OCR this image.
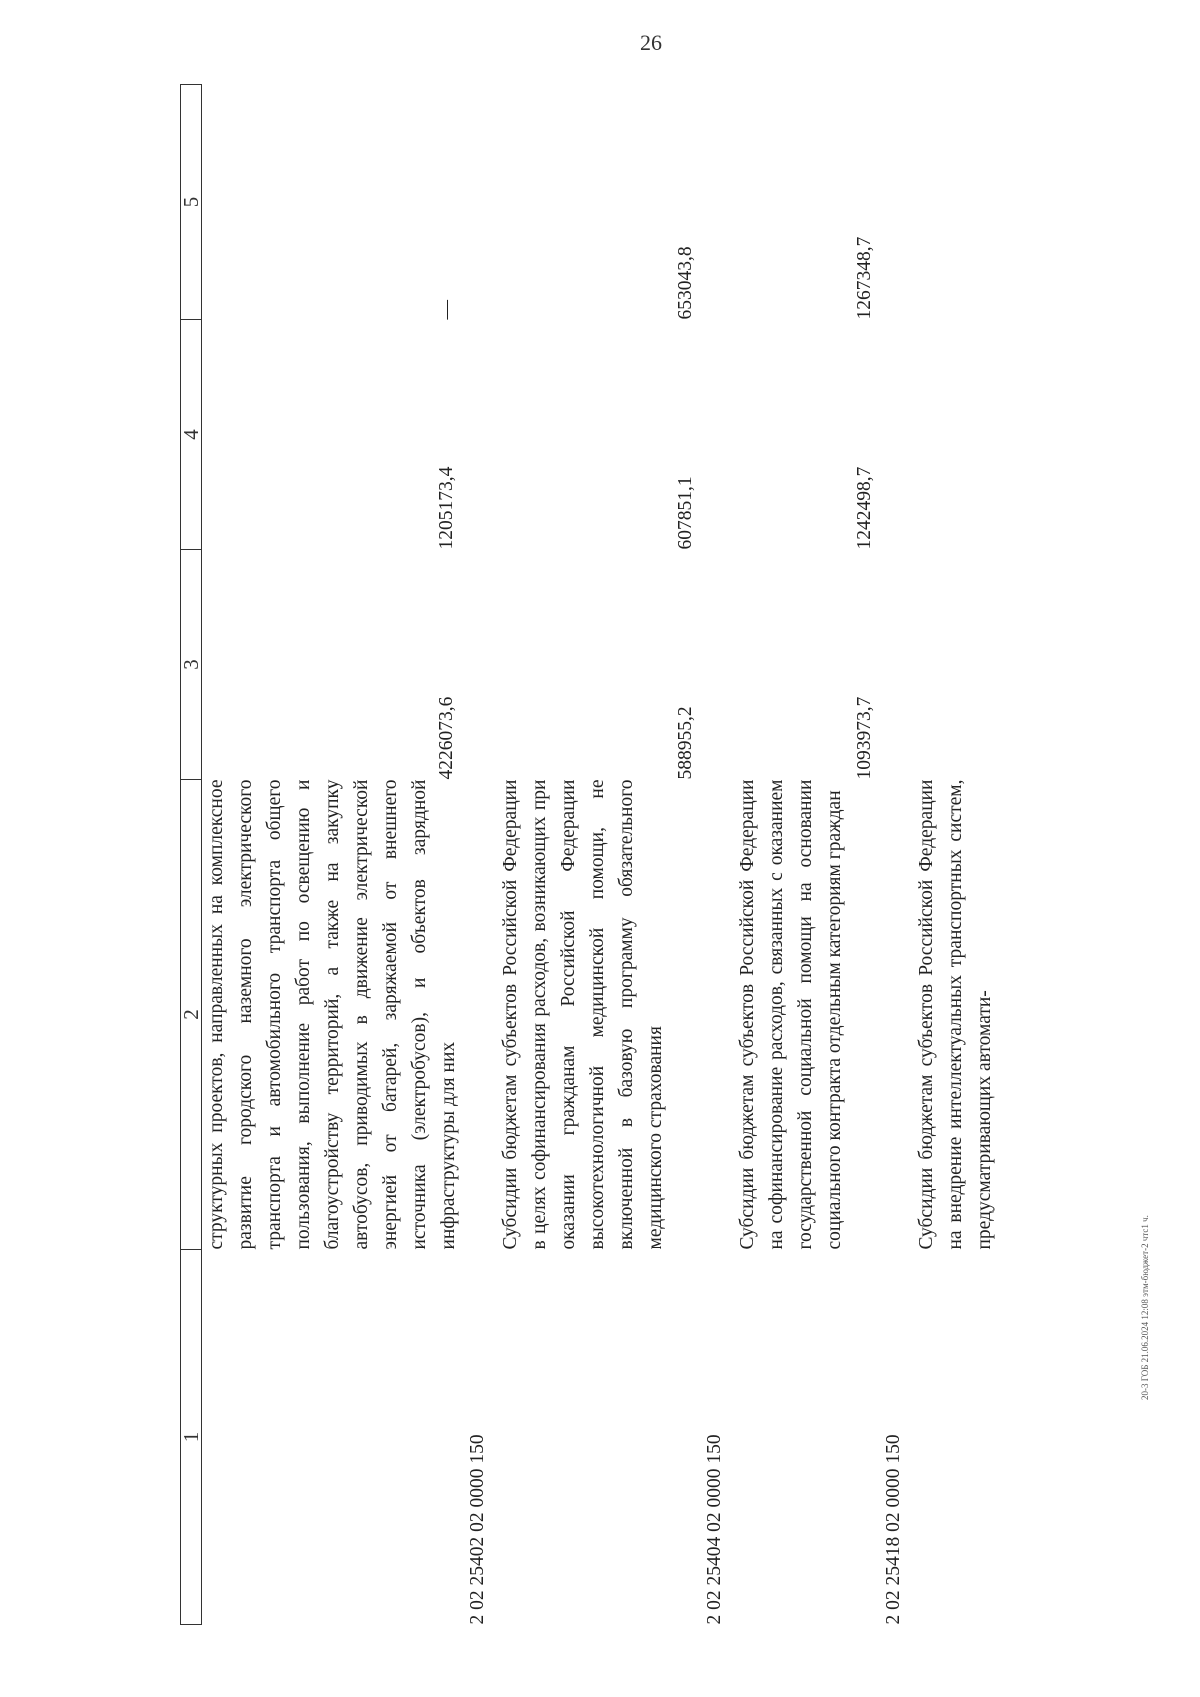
26
20-3 ГОБ 21.06.2024 12:08 этм-бюджет-2 чтс1 ч.
1	2	3	4	5
	структурных проектов, направленных на комплексное развитие городского наземного электрического транспорта и автомобильного транспорта общего пользования, выполнение работ по освещению и благоустройству территорий, а также на закупку автобусов, приводимых в движение электрической энергией от батарей, заряжаемой от внешнего источника (электробусов), и объектов зарядной инфраструктуры для них	4226073,6	1205173,4	—
2 02 25402 02 0000 150	Субсидии бюджетам субъектов Российской Федерации в целях софинансирования расходов, возникающих при оказании гражданам Российской Федерации высокотехнологичной медицинской помощи, не включенной в базовую программу обязательного медицинского страхования	588955,2	607851,1	653043,8
2 02 25404 02 0000 150	Субсидии бюджетам субъектов Российской Федерации на софинансирование расходов, связанных с оказанием государственной социальной помощи на основании социального контракта отдельным категориям граждан	1093973,7	1242498,7	1267348,7
2 02 25418 02 0000 150	Субсидии бюджетам субъектов Российской Федерации на внедрение интеллектуальных транспортных систем, предусматривающих автомати-			
